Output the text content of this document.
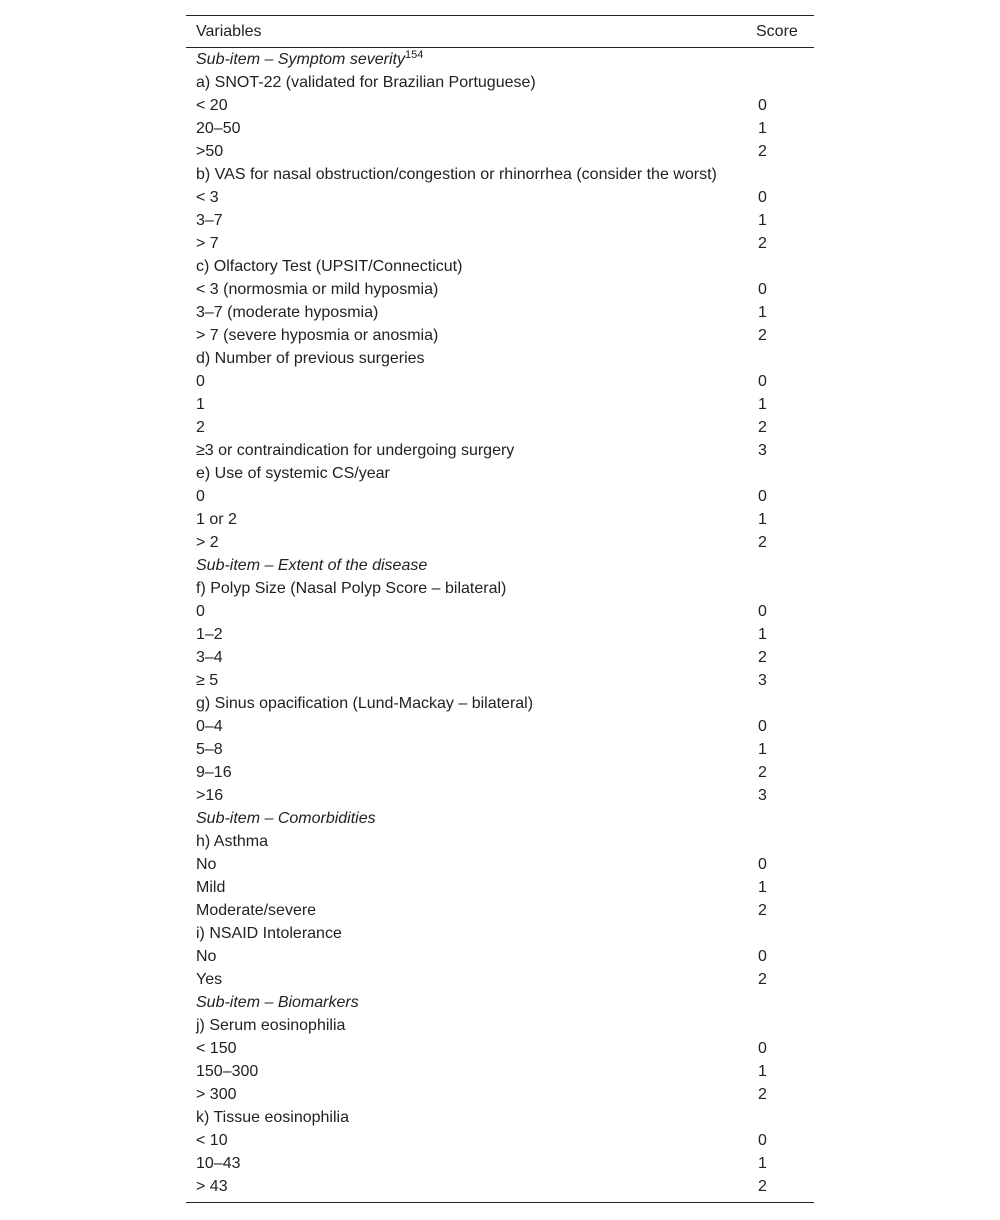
Variables	Score
Sub-item – Symptom severity$^{154}$	
a) SNOT-22 (validated for Brazilian Portuguese)	
< 20	0
20–50	1
>50	2
b) VAS for nasal obstruction/congestion or rhinorrhea (consider the worst)	
< 3	0
3–7	1
> 7	2
c) Olfactory Test (UPSIT/Connecticut)	
< 3 (normosmia or mild hyposmia)	0
3–7 (moderate hyposmia)	1
> 7 (severe hyposmia or anosmia)	2
d) Number of previous surgeries	
0	0
1	1
2	2
≥3 or contraindication for undergoing surgery	3
e) Use of systemic CS/year	
0	0
1 or 2	1
> 2	2
Sub-item – Extent of the disease	
f) Polyp Size (Nasal Polyp Score – bilateral)	
0	0
1–2	1
3–4	2
≥ 5	3
g) Sinus opacification (Lund-Mackay – bilateral)	
0–4	0
5–8	1
9–16	2
>16	3
Sub-item – Comorbidities	
h) Asthma	
No	0
Mild	1
Moderate/severe	2
i) NSAID Intolerance	
No	0
Yes	2
Sub-item – Biomarkers	
j) Serum eosinophilia	
< 150	0
150–300	1
> 300	2
k) Tissue eosinophilia	
< 10	0
10–43	1
> 43	2
